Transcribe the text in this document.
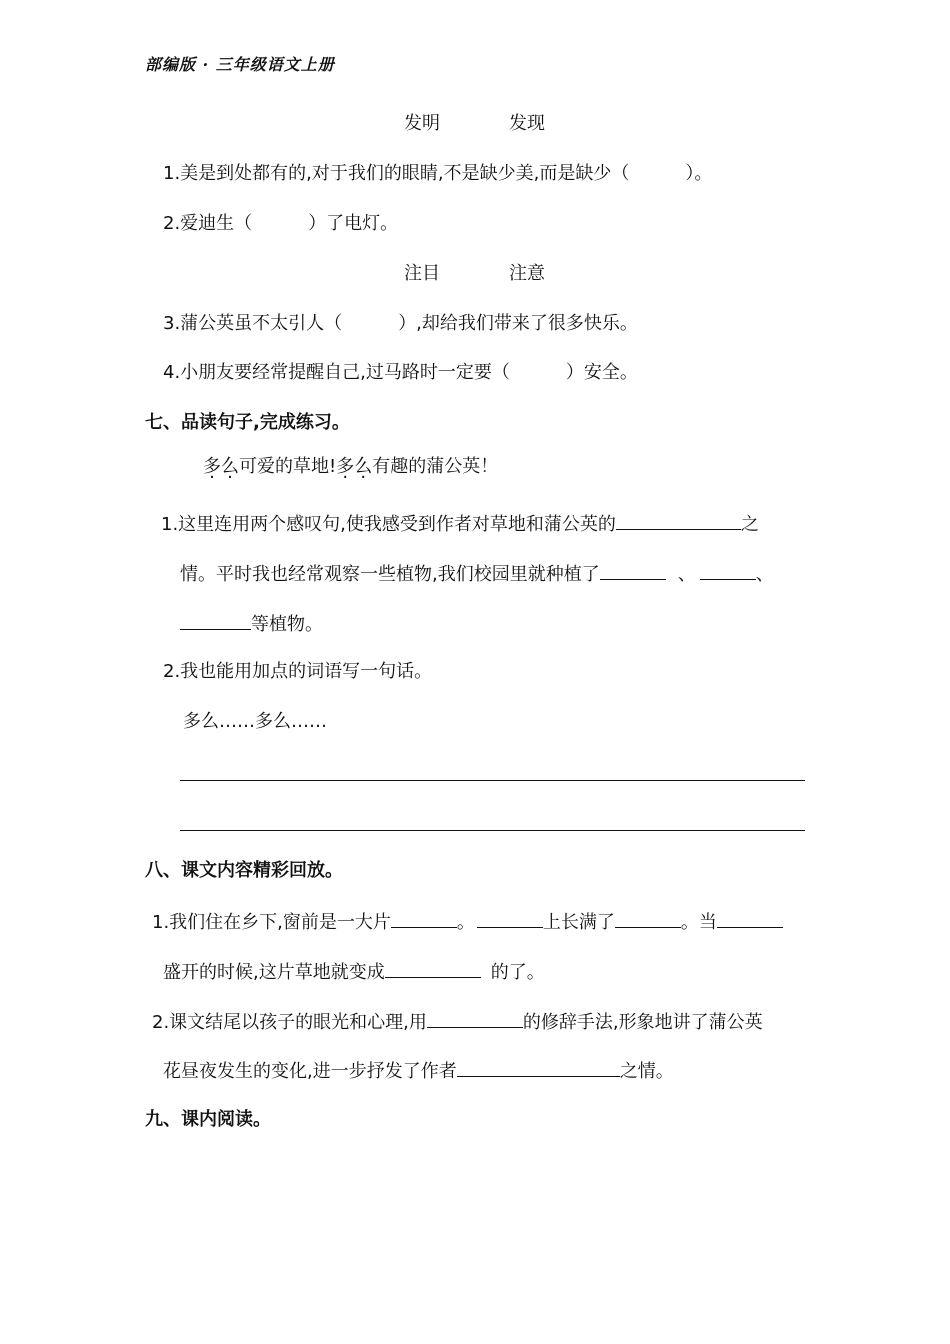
部编版 · 三年级语文上册
发明	发现
1.美是到处都有的,对于我们的眼睛,不是缺少美,而是缺少（	）。
2.爱迪生（	）了电灯。
注目	注意
3.蒲公英虽不太引人（	）,却给我们带来了很多快乐。
4.小朋友要经常提醒自己,过马路时一定要（	）安全。
七、品读句子,完成练习。
多么可爱的草地!多么有趣的蒲公英！
1.这里连用两个感叹句,使我感受到作者对草地和蒲公英的	之
情。平时我也经常观察一些植物,我们校园里就种植了	、	、
等植物。
2.我也能用加点的词语写一句话。
多么……多么……
八、课文内容精彩回放。
1.我们住在乡下,窗前是一大片	。	上长满了	。当
盛开的时候,这片草地就变成	的了。
2.课文结尾以孩子的眼光和心理,用	的修辞手法,形象地讲了蒲公英
花昼夜发生的变化,进一步抒发了作者	之情。
九、课内阅读。
